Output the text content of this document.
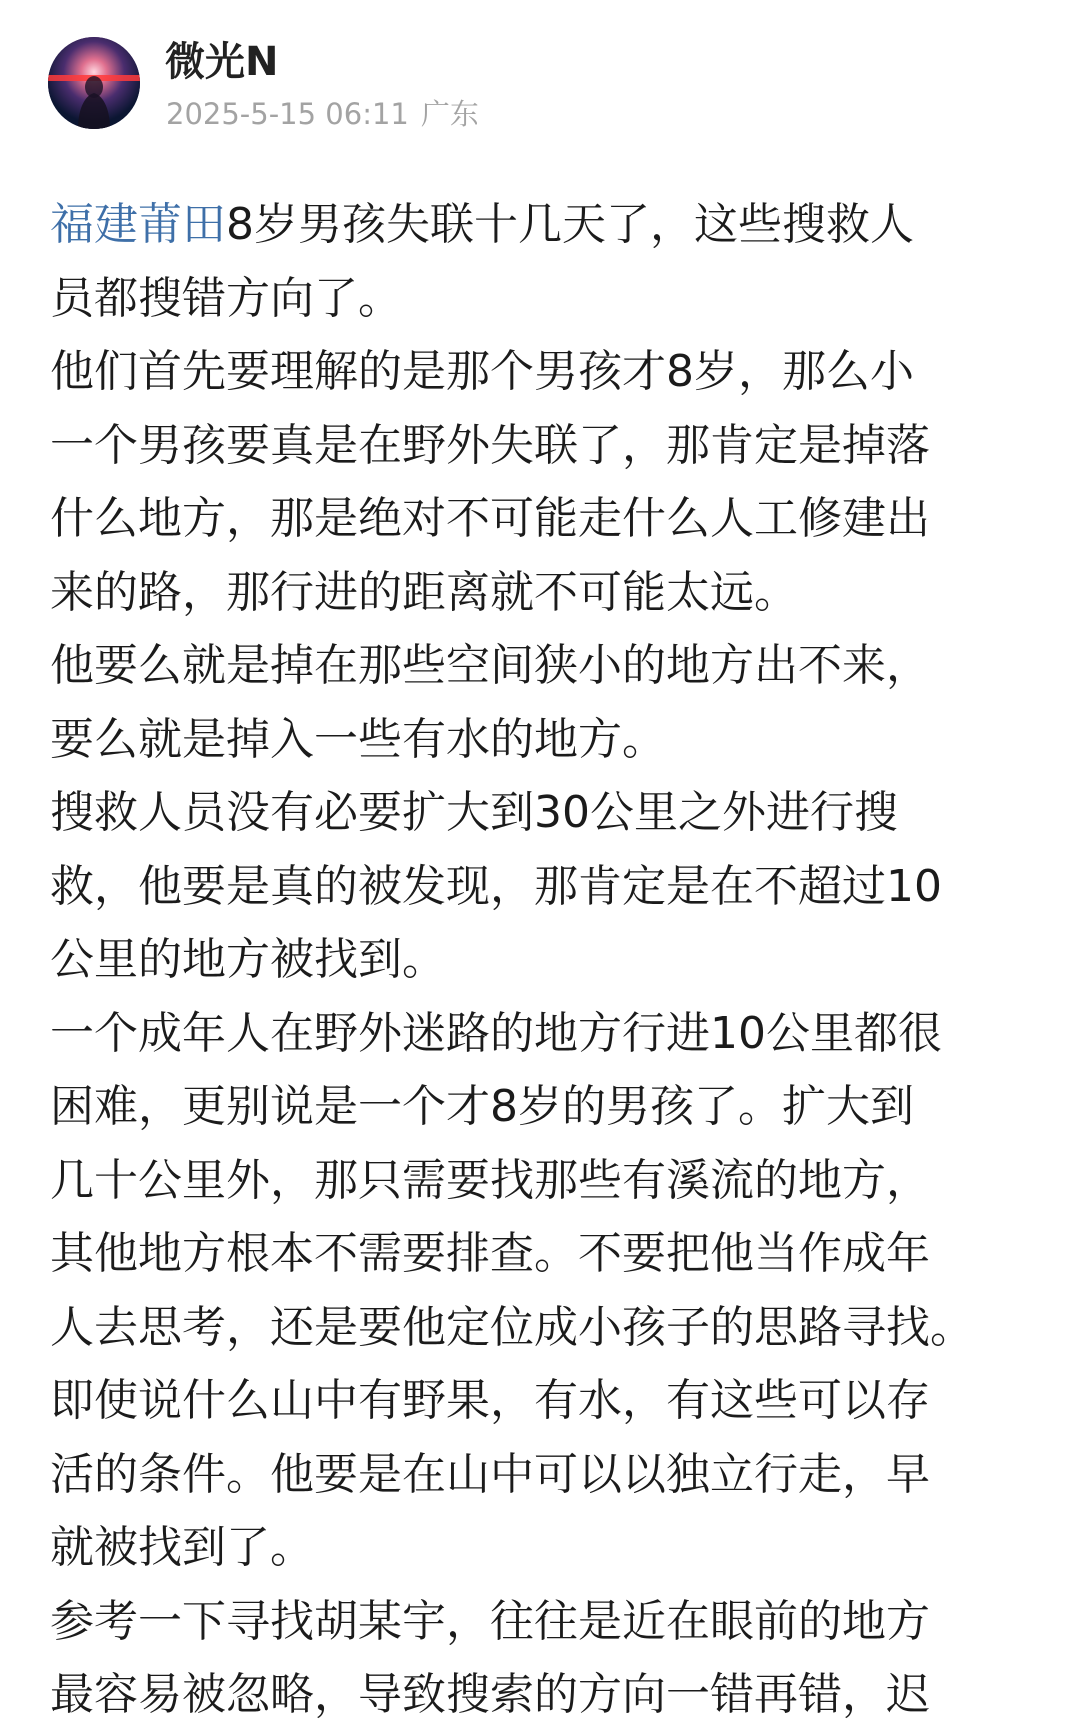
微光N
2025-5-15 06:11 广东

福建莆田8岁男孩失联十几天了，这些搜救人
员都搜错方向了。

他们首先要理解的是那个男孩才8岁，那么小
一个男孩要真是在野外失联了，那肯定是掉落
什么地方，那是绝对不可能走什么人工修建出
来的路，那行进的距离就不可能太远。

他要么就是掉在那些空间狭小的地方出不来，
要么就是掉入一些有水的地方。

搜救人员没有必要扩大到30公里之外进行搜
救，他要是真的被发现，那肯定是在不超过10
公里的地方被找到。

一个成年人在野外迷路的地方行进10公里都很
困难，更别说是一个才8岁的男孩了。扩大到
几十公里外，那只需要找那些有溪流的地方，
其他地方根本不需要排查。不要把他当作成年
人去思考，还是要他定位成小孩子的思路寻找。

即使说什么山中有野果，有水，有这些可以存
活的条件。他要是在山中可以以独立行走，早
就被找到了。

参考一下寻找胡某宇，往往是近在眼前的地方
最容易被忽略，导致搜索的方向一错再错，迟
